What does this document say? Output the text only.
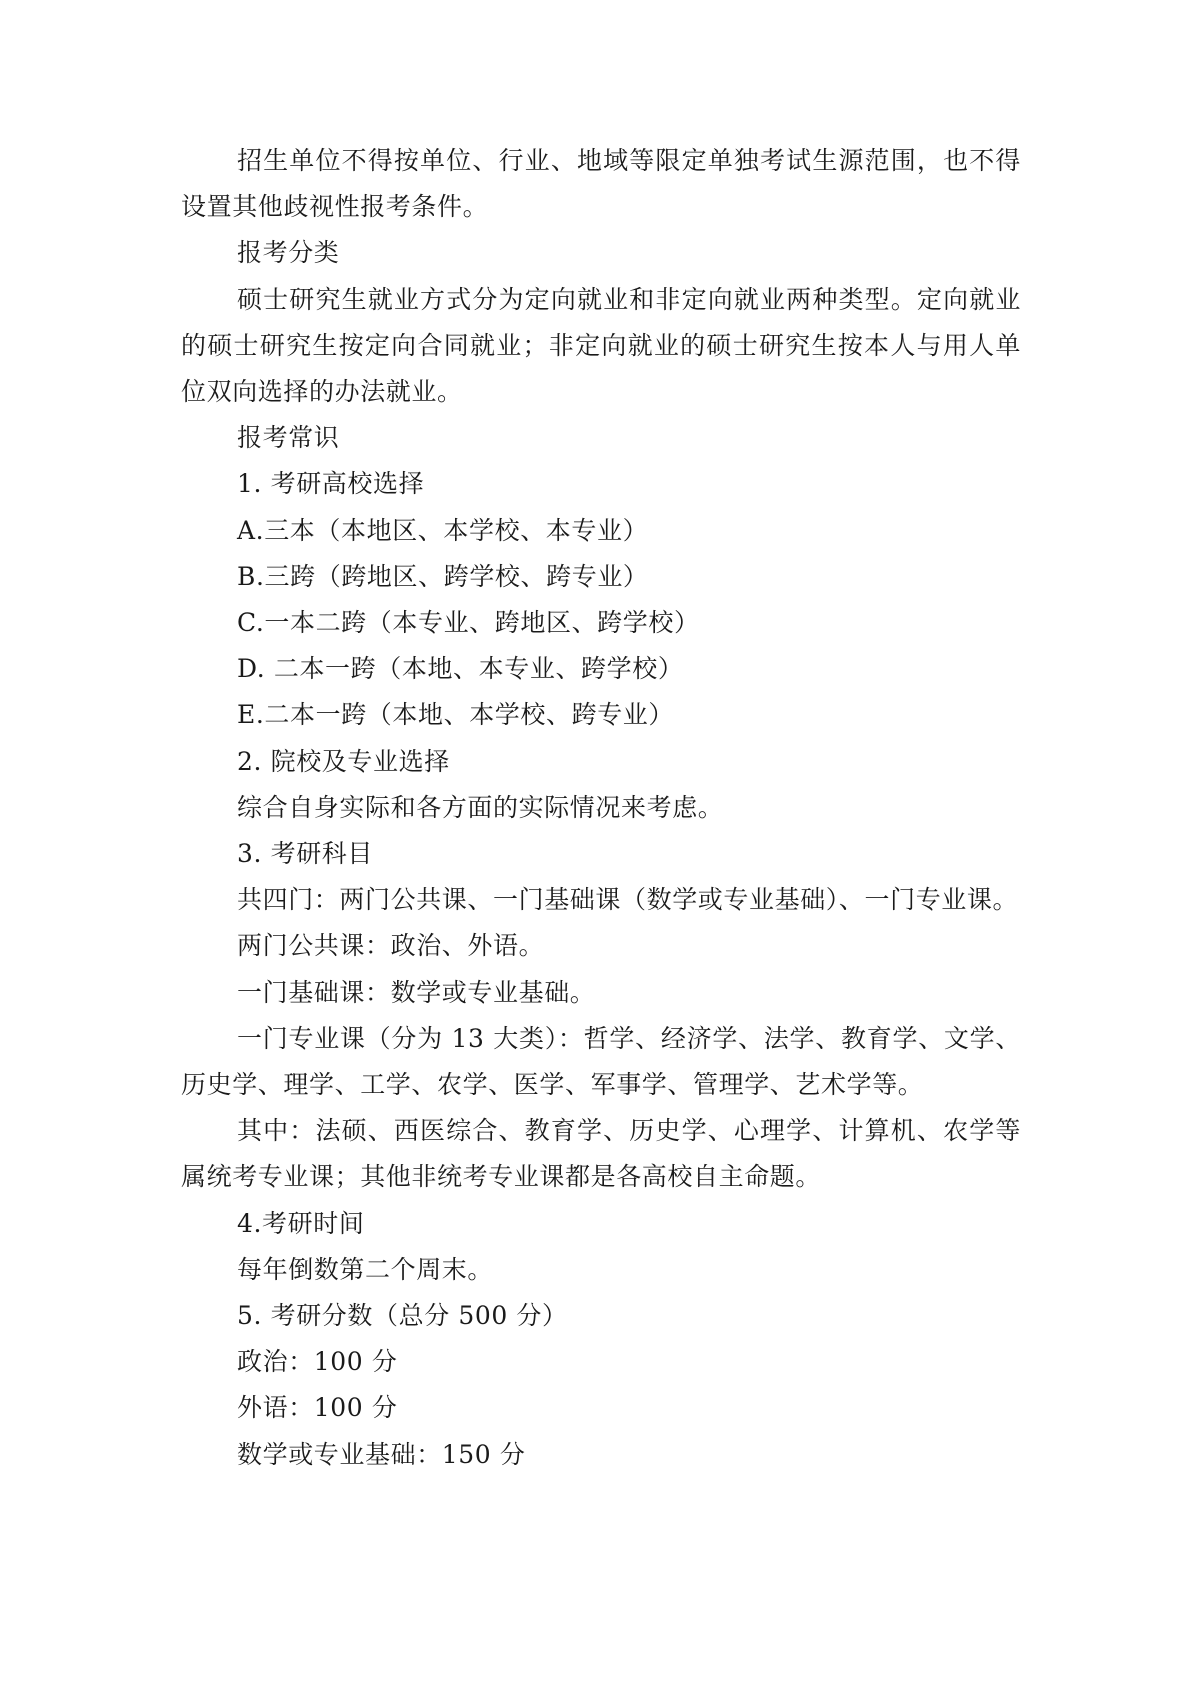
招生单位不得按单位、行业、地域等限定单独考试生源范围，也不得设置其他歧视性报考条件。

报考分类

硕士研究生就业方式分为定向就业和非定向就业两种类型。定向就业的硕士研究生按定向合同就业；非定向就业的硕士研究生按本人与用人单位双向选择的办法就业。

报考常识

1. 考研高校选择

A.三本（本地区、本学校、本专业）

B.三跨（跨地区、跨学校、跨专业）

C.一本二跨（本专业、跨地区、跨学校）

D. 二本一跨（本地、本专业、跨学校）

E.二本一跨（本地、本学校、跨专业）

2. 院校及专业选择

综合自身实际和各方面的实际情况来考虑。

3. 考研科目

共四门：两门公共课、一门基础课（数学或专业基础）、一门专业课。

两门公共课：政治、外语。

一门基础课：数学或专业基础。

一门专业课（分为 13 大类）：哲学、经济学、法学、教育学、文学、历史学、理学、工学、农学、医学、军事学、管理学、艺术学等。

其中：法硕、西医综合、教育学、历史学、心理学、计算机、农学等属统考专业课；其他非统考专业课都是各高校自主命题。

4.考研时间

每年倒数第二个周末。

5. 考研分数（总分 500 分）

政治：100 分

外语：100 分

数学或专业基础：150 分
